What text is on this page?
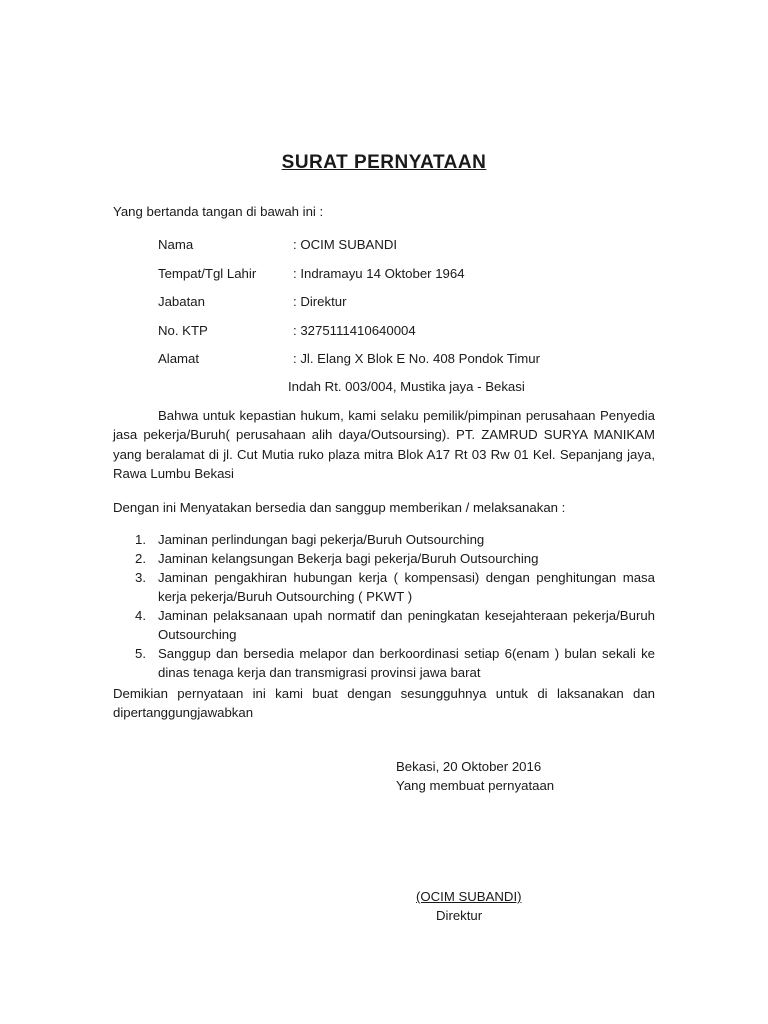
SURAT PERNYATAAN
Yang bertanda tangan di bawah ini :
Nama	: OCIM SUBANDI
Tempat/Tgl Lahir	: Indramayu 14 Oktober 1964
Jabatan	: Direktur
No. KTP	: 3275111410640004
Alamat	: Jl. Elang X Blok E No. 408 Pondok Timur
Indah Rt. 003/004, Mustika jaya - Bekasi
Bahwa untuk kepastian hukum, kami selaku pemilik/pimpinan perusahaan Penyedia jasa pekerja/Buruh( perusahaan alih daya/Outsoursing). PT. ZAMRUD SURYA MANIKAM yang beralamat di jl. Cut Mutia ruko plaza mitra Blok A17 Rt 03 Rw 01 Kel. Sepanjang jaya, Rawa Lumbu Bekasi
Dengan ini Menyatakan bersedia dan sanggup memberikan / melaksanakan :
1. Jaminan perlindungan bagi pekerja/Buruh Outsourching
2. Jaminan kelangsungan Bekerja bagi pekerja/Buruh Outsourching
3. Jaminan pengakhiran hubungan kerja ( kompensasi) dengan penghitungan masa kerja pekerja/Buruh Outsourching ( PKWT )
4. Jaminan pelaksanaan upah normatif dan peningkatan kesejahteraan pekerja/Buruh Outsourching
5. Sanggup dan bersedia melapor dan berkoordinasi setiap 6(enam ) bulan sekali ke dinas tenaga kerja dan transmigrasi provinsi jawa barat
Demikian pernyataan ini kami buat dengan sesungguhnya untuk di laksanakan dan dipertanggungjawabkan
Bekasi, 20 Oktober 2016
Yang membuat pernyataan
(OCIM SUBANDI)
Direktur
